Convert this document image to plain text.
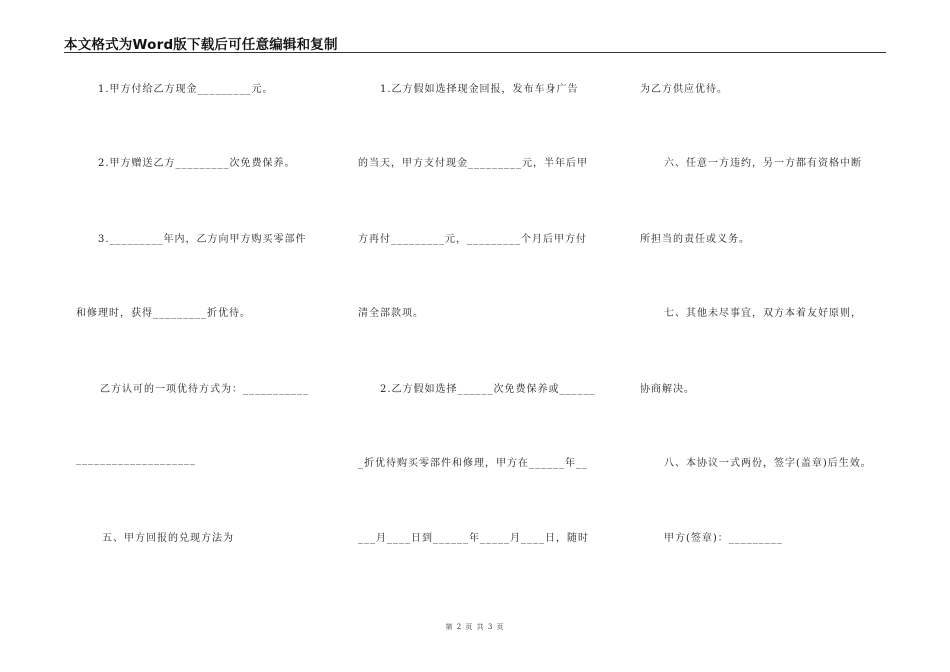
本文格式为Word版下载后可任意编辑和复制
1.甲方付给乙方现金_________元。
2.甲方赠送乙方_________次免费保养。
3._________年内，乙方向甲方购买零部件
和修理时，获得_________折优待。
乙方认可的一项优待方式为：___________
____________________
五、甲方回报的兑现方法为
1.乙方假如选择现金回报，发布车身广告
的当天，甲方支付现金_________元，半年后甲
方再付_________元，_________个月后甲方付
清全部款项。
2.乙方假如选择______次免费保养或______
_折优待购买零部件和修理，甲方在______年__
___月____日到______年_____月____日，随时
为乙方供应优待。
六、任意一方违约，另一方都有资格中断
所担当的责任或义务。
七、其他未尽事宜，双方本着友好原则，
协商解决。
八、本协议一式两份，签字(盖章)后生效。
甲方(签章)：_________
第 2 页 共 3 页
